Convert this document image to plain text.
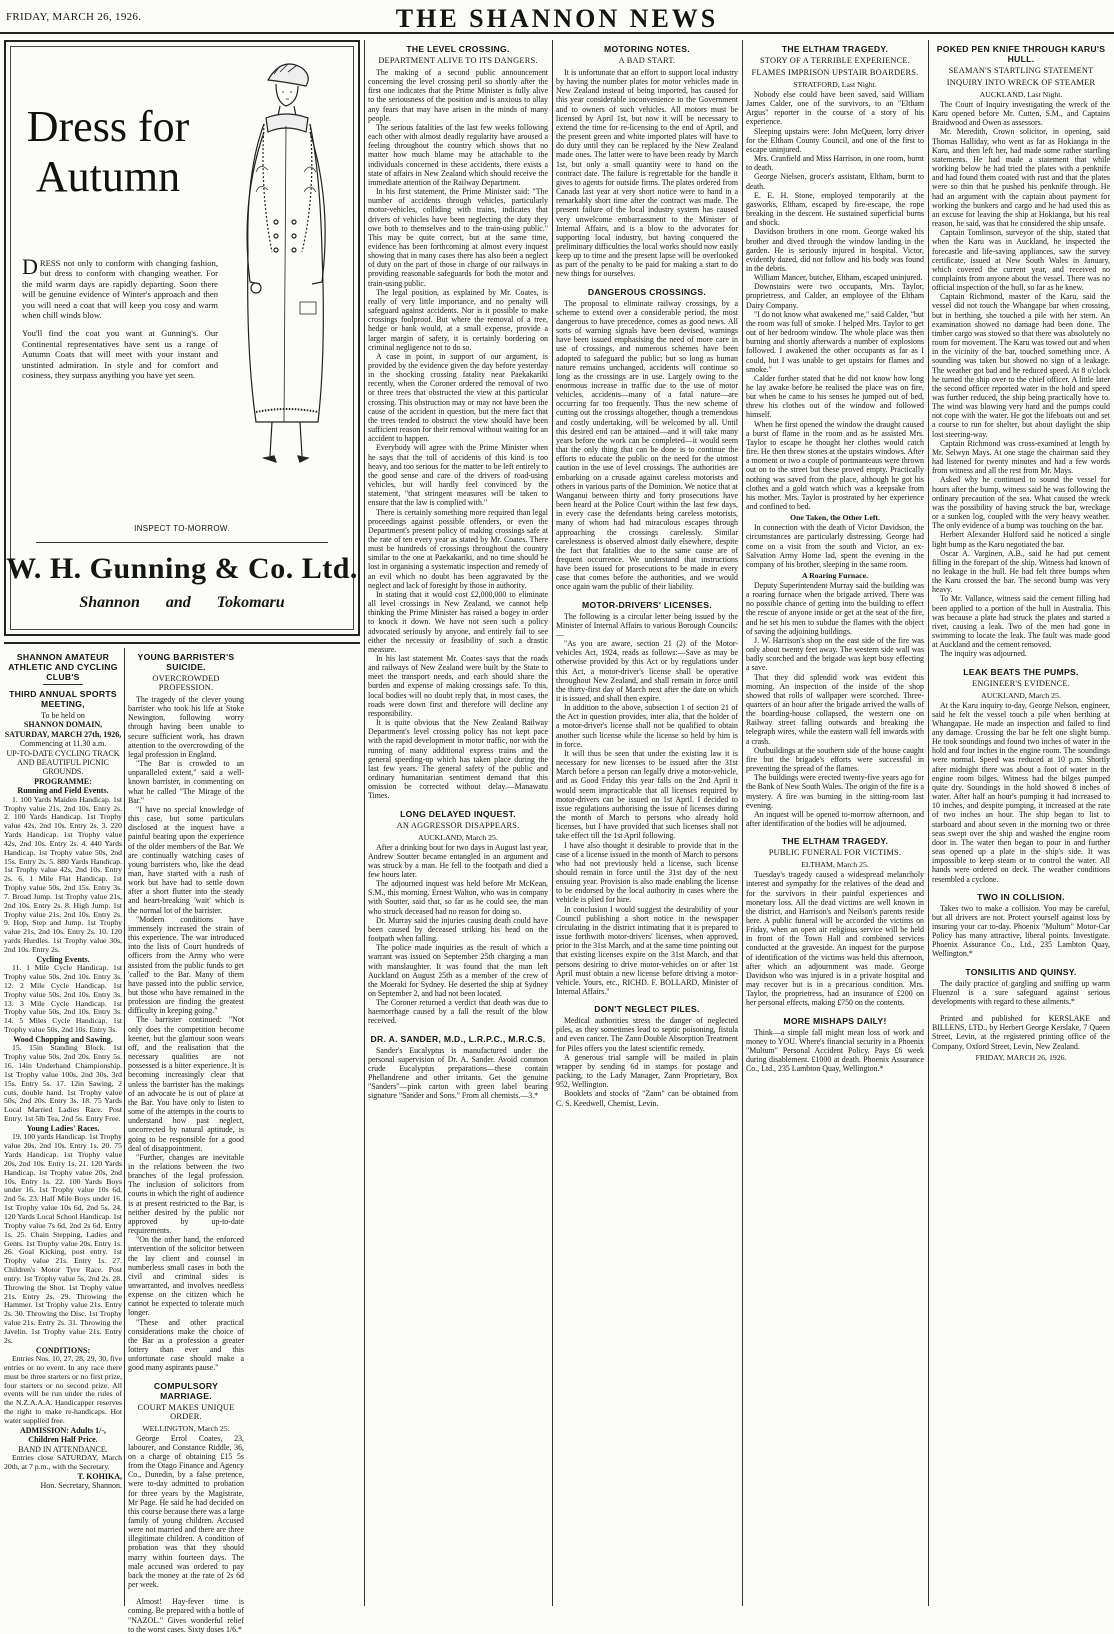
FRIDAY, MARCH 26, 1926.	THE SHANNON NEWS
Dress for
Autumn

DRESS not only to conform with changing fashion, but dress to conform with changing weather. For the mild warm days are rapidly departing. Soon there will be genuine evidence of Winter's approach and then you will need a coat that will keep you cosy and warm when chill winds blow.

You'll find the coat you want at Gunning's. Our Continental representatives have sent us a range of Autumn Coats that will meet with your instant and unstinted admiration. In style and for comfort and cosiness, they surpass anything you have yet seen.

INSPECT TO-MORROW.
W. H. Gunning & Co. Ltd.
Shannon and Tokomaru
SHANNON AMATEUR ATHLETIC AND CYCLING CLUB'S
THIRD ANNUAL SPORTS MEETING,
To be held on
SHANNON DOMAIN,
SATURDAY, MARCH 27th, 1926,
Commencing at 11.30 a.m.
UP-TO-DATE CYCLING TRACK AND BEAUTIFUL PICNIC GROUNDS.
PROGRAMME:
Running and Field Events.
1. 100 Yards Maiden Handicap. 1st Trophy value 21s, 2nd 10s. Entry 2s. 2. 100 Yards Handicap. 1st Trophy value 42s, 2nd 10s. Entry 2s. 3. 220 Yards Handicap. 1st Trophy value 42s, 2nd 10s. Entry 2s. 4. 440 Yards Handicap. 1st Trophy value 50s, 2nd 15s. Entry 2s. 5. 880 Yards Handicap. 1st Trophy value 42s, 2nd 10s. Entry 2s. 6. 1 Mile Flat Handicap. 1st Trophy value 50s, 2nd 15s. Entry 3s. 7. Broad Jump. 1st Trophy value 21s, 2nd 10s. Entry 2s. 8. High Jump. 1st Trophy value 21s, 2nd 10s. Entry 2s. 9. Hop, Step and Jump. 1st Trophy value 21s, 2nd 10s. Entry 2s. 10. 120 yards Hurdles. 1st Trophy value 30s, 2nd 10s. Entry 2s.
Cycling Events.
11. 1 Mile Cycle Handicap. 1st Trophy value 50s, 2nd 10s. Entry 3s. 12. 2 Mile Cycle Handicap. 1st Trophy value 50s, 2nd 10s. Entry 3s. 13. 3 Mile Cycle Handicap. 1st Trophy value 50s, 2nd 10s. Entry 3s. 14. 5 Miles Cycle Handicap. 1st Trophy value 50s, 2nd 10s. Entry 3s.
Wood Chopping and Sawing.
15. 15in Standing Block. 1st Trophy value 50s, 2nd 20s. Entry 5s. 16. 14in Underhand Championship. 1st Trophy value 100s, 2nd 30s, 3rd 15s. Entry 5s. 17. 12in Sawing, 2 cuts, double hand. 1st Trophy value 50s, 2nd 20s. Entry 3s. 18. 75 Yards Local Married Ladies Race. Post Entry. 1st 5lb Tea, 2nd 5s. Entry Free.
Young Ladies' Races.
19. 100 yards Handicap. 1st Trophy value 20s, 2nd 10s. Entry 1s. 20. 75 Yards Handicap. 1st Trophy value 20s, 2nd 10s. Entry 1s. 21. 120 Yards Handicap. 1st Trophy value 20s, 2nd 10s. Entry 1s. 22. 100 Yards Boys under 16. 1st Trophy value 10s 6d, 2nd 5s. 23. Half Mile Boys under 16. 1st Trophy value 10s 6d, 2nd 5s. 24. 120 Yards Local School Handicap. 1st Trophy value 7s 6d, 2nd 2s 6d. Entry 1s. 25. Chain Stepping, Ladies and Gents. 1st Trophy value 20s. Entry 1s. 26. Goal Kicking, post entry. 1st Trophy value 21s. Entry 1s. 27. Children's Motor Tyre Race. Post entry. 1st Trophy value 5s, 2nd 2s. 28. Throwing the Shot. 1st Trophy value 21s. Entry 2s. 29. Throwing the Hammer. 1st Trophy value 21s. Entry 2s. 30. Throwing the Disc. 1st Trophy value 21s. Entry 2s. 31. Throwing the Javelin. 1st Trophy value 21s. Entry 2s.
CONDITIONS:
Entries Nos. 10, 27, 28, 29, 30, five entries or no event. In any race there must be three starters or no first prize, four starters or no second prize. All events will be run under the rules of the N.Z.A.A.A. Handicapper reserves the right to make re-handicaps. Hot water supplied free.
ADMISSION: Adults 1/-, Children Half Price.
BAND IN ATTENDANCE.
Entries close SATURDAY, March 20th, at 7 p.m., with the Secretary.
T. KOHIKA,
Hon. Secretary, Shannon.
YOUNG BARRISTER'S SUICIDE.
OVERCROWDED PROFESSION.

The tragedy of the clever young barrister who took his life at Stoke Newington, following worry through having been unable to secure sufficient work, has drawn attention to the overcrowding of the legal profession in England.

"The Bar is crowded to an unparalleled extent," said a well-known barrister, in commenting on what he called "The Mirage of the Bar."

"I have no special knowledge of this case, but some particulars disclosed at the inquest have a painful bearing upon the experience of the older members of the Bar. We are continually watching cases of young barristers who, like the dead man, have started with a rush of work but have had to settle down after a short flutter into the steady and heart-breaking 'wait' which is the normal lot of the barrister.

"Modern conditions have immensely increased the strain of this experience. The war introduced into the lists of Court hundreds of officers from the Army who were assisted from the public funds to get 'called' to the Bar. Many of them have passed into the public service, but those who have remained in the profession are finding the greatest difficulty in keeping going."

The barrister continued: "Not only does the competition become keener, but the glamour soon wears off, and the realisation that the necessary qualities are not possessed is a bitter experience. It is becoming increasingly clear that unless the barrister has the makings of an advocate he is out of place at the Bar. You have only to listen to some of the attempts in the courts to understand how past neglect, uncorrected by natural aptitude, is going to be responsible for a good deal of disappointment.

"Further, changes are inevitable in the relations between the two branches of the legal profession. The inclusion of solicitors from courts in which the right of audience is at present restricted to the Bar, is neither desired by the public nor approved by up-to-date requirements.

"On the other hand, the enforced intervention of the solicitor between the lay client and counsel in numberless small cases in both the civil and criminal sides is unwarranted, and involves needless expense on the citizen which he cannot be expected to tolerate much longer.

"These and other practical considerations make the choice of the Bar as a profession a greater lottery than ever and this unfortunate case should make a good many aspirants pause."

COMPULSORY MARRIAGE.
COURT MAKES UNIQUE ORDER.
WELLINGTON, March 25.

George Errol Coates, 23, labourer, and Constance Riddle, 36, on a charge of obtaining £15 5s from the Otago Finance and Agency Co., Dunedin, by a false pretence, were to-day admitted to probation for three years by the Magistrate, Mr Page. He said he had decided on this course because there was a large family of young children. Accused were not married and there are three illegitimate children. A condition of probation was that they should marry within fourteen days. The male accused was ordered to pay back the money at the rate of 2s 6d per week.

Almost! Hay-fever time is coming. Be prepared with a bottle of "NAZOL." Gives wonderful relief to the worst cases. Sixty doses 1/6.*

THE LEVEL CROSSING.
DEPARTMENT ALIVE TO ITS DANGERS.

The making of a second public announcement concerning the level crossing peril so shortly after the first one indicates that the Prime Minister is fully alive to the seriousness of the position and is anxious to allay any fears that may have arisen in the minds of many people.

The serious fatalities of the last few weeks following each other with almost deadly regularity have aroused a feeling throughout the country which shows that no matter how much blame may be attachable to the individuals concerned in these accidents, there exists a state of affairs in New Zealand which should receive the immediate attention of the Railway Department.

In his first statement, the Prime Minister said: "The number of accidents through vehicles, particularly motor-vehicles, colliding with trains, indicates that drivers of vehicles have been neglecting the duty they owe both to themselves and to the train-using public." This may be quite correct, but at the same time, evidence has been forthcoming at almost every inquest showing that in many cases there has also been a neglect of duty on the part of those in charge of our railways in providing reasonable safeguards for both the motor and train-using public.

The legal position, as explained by Mr. Coates, is really of very little importance, and no penalty will safeguard against accidents. Nor is it possible to make crossings foolproof. But where the removal of a tree, hedge or bank would, at a small expense, provide a larger margin of safety, it is certainly bordering on criminal negligence not to do so.

A case in point, in support of our argument, is provided by the evidence given the day before yesterday in the shocking crossing fatality near Paekakariki recently, when the Coroner ordered the removal of two or three trees that obstructed the view at this particular crossing. This obstruction may or may not have been the cause of the accident in question, but the mere fact that the trees tended to obstruct the view should have been sufficient reason for their removal without waiting for an accident to happen.

Everybody will agree with the Prime Minister when he says that the toll of accidents of this kind is too heavy, and too serious for the matter to be left entirely to the good sense and care of the drivers of road-using vehicles, but will hardly feel convinced by the statement, "that stringent measures will be taken to ensure that the law is complied with."

There is certainly something more required than legal proceedings against possible offenders, or even the Department's present policy of making crossings safe at the rate of ten every year as stated by Mr. Coates. There must be hundreds of crossings throughout the country similar to the one at Paekakariki, and no time should be lost in organising a systematic inspection and remedy of an evil which no doubt has been aggravated by the neglect and lack of foresight by those in authority.

In stating that it would cost £2,000,000 to eliminate all level crossings in New Zealand, we cannot help thinking the Prime Minister has raised a bogey in order to knock it down. We have not seen such a policy advocated seriously by anyone, and entirely fail to see either the necessity or feasibility of such a drastic measure.

In his last statement Mr. Coates says that the roads and railways of New Zealand were built by the State to meet the transport needs, and each should share the burden and expense of making crossings safe. To this, local bodies will no doubt reply that, in most cases, the roads were down first and therefore will decline any responsibility.

It is quite obvious that the New Zealand Railway Department's level crossing policy has not kept pace with the rapid development in motor traffic, nor with the running of many additional express trains and the general speeding-up which has taken place during the last few years. The general safety of the public and ordinary humanitarian sentiment demand that this omission be corrected without delay.—Manawatu Times.

LONG DELAYED INQUEST.
AN AGGRESSOR DISAPPEARS.
AUCKLAND, March 25.

After a drinking bout for two days in August last year, Andrew Soutter became entangled in an argument and was struck by a man. He fell to the footpath and died a few hours later.

The adjourned inquest was held before Mr McKean, S.M., this morning. Ernest Walton, who was in company with Soutter, said that, so far as he could see, the man who struck deceased had no reason for doing so.

Dr. Murray said the injuries causing death could have been caused by deceased striking his head on the footpath when falling.

The police made inquiries as the result of which a warrant was issued on September 25th charging a man with manslaughter. It was found that the man left Auckland on August 25th as a member of the crew of the Moeraki for Sydney. He deserted the ship at Sydney on September 2, and had not been located.

The Coroner returned a verdict that death was due to haemorrhage caused by a fall the result of the blow received.

DR. A. SANDER, M.D., L.R.P.C., M.R.C.S.

Sander's Eucalyptus is manufactured under the personal supervision of Dr. A. Sander. Avoid common crude Eucalyptus preparations—these contain Phellandrene and other irritants. Get the genuine "Sanders"—pink carton with green label bearing signature "Sander and Sons." From all chemists.—3.*

MOTORING NOTES.
A BAD START.

It is unfortunate that an effort to support local industry by having the number plates for motor vehicles made in New Zealand instead of being imported, has caused for this year considerable inconvenience to the Government and to owners of such vehicles. All motors must be licensed by April 1st, but now it will be necessary to extend the time for re-licensing to the end of April, and the present green and white imported plates will have to do duty until they can be replaced by the New Zealand made ones. The latter were to have been ready by March 1st, but only a small quantity were to hand on the contract date. The failure is regrettable for the handle it gives to agents for outside firms. The plates ordered from Canada last year at very short notice were to hand in a remarkably short time after the contract was made. The present failure of the local industry system has caused very unwelcome embarrassment to the Minister of Internal Affairs, and is a blow to the advocates for supporting local industry, but having conquered the preliminary difficulties the local works should now easily keep up to time and the present lapse will be overlooked as part of the penalty to be paid for making a start to do new things for ourselves.

DANGEROUS CROSSINGS.

The proposal to eliminate railway crossings, by a scheme to extend over a considerable period, the most dangerous to have precedence, comes as good news. All sorts of warning signals have been devised, warnings have been issued emphasising the need of more care in use of crossings, and numerous schemes have been adopted to safeguard the public; but so long as human nature remains unchanged, accidents will continue so long as the crossings are in use. Largely owing to the enormous increase in traffic due to the use of motor vehicles, accidents—many of a fatal nature—are occurring far too frequently. Thus the new scheme of cutting out the crossings altogether, though a tremendous and costly undertaking, will be welcomed by all. Until this desired end can be attained—and it will take many years before the work can be completed—it would seem that the only thing that can be done is to continue the efforts to educate the public on the need for the utmost caution in the use of level crossings. The authorities are embarking on a crusade against careless motorists and others in various parts of the Dominion. We notice that at Wanganui between thirty and forty prosecutions have been heard at the Police Court within the last few days, in every case the defendants being careless motorists, many of whom had had miraculous escapes through approaching the crossings carelessly. Similar carelessness is observed almost daily elsewhere, despite the fact that fatalities due to the same cause are of frequent occurrence. We understand that instructions have been issued for prosecutions to be made in every case that comes before the authorities, and we would once again warn the public of their liability.

MOTOR-DRIVERS' LICENSES.

The following is a circular letter being issued by the Minister of Internal Affairs to various Borough Councils:—

"As you are aware, section 21 (2) of the Motor-vehicles Act, 1924, reads as follows:—Save as may be otherwise provided by this Act or by regulations under this Act, a motor-driver's license shall be operative throughout New Zealand, and shall remain in force until the thirty-first day of March next after the date on which it is issued, and shall then expire.

In addition to the above, subsection 1 of section 21 of the Act in question provides, inter alia, that the holder of a motor-driver's license shall not be qualified to obtain another such license while the license so held by him is in force.

It will thus be seen that under the existing law it is necessary for new licenses to be issued after the 31st March before a person can legally drive a motor-vehicle, and as Good Friday this year falls on the 2nd April it would seem impracticable that all licenses required by motor-drivers can be issued on 1st April. I decided to issue regulations authorising the issue of licenses during the month of March to persons who already hold licenses, but I have provided that such licenses shall not take effect till the 1st April following.

I have also thought it desirable to provide that in the case of a license issued in the month of March to persons who had not previously held a license, such license should remain in force until the 31st day of the next ensuing year. Provision is also made enabling the license to be endorsed by the local authority in cases where the vehicle is plied for hire.

In conclusion I would suggest the desirability of your Council publishing a short notice in the newspaper circulating in the district intimating that it is prepared to issue forthwith motor-drivers' licenses, when approved, prior to the 31st March, and at the same time pointing out that existing licenses expire on the 31st March, and that persons desiring to drive motor-vehicles on or after 1st April must obtain a new license before driving a motor-vehicle. Yours, etc., RICHD. F. BOLLARD, Minister of Internal Affairs."

DON'T NEGLECT PILES.

Medical authorities stress the danger of neglected piles, as they sometimes lead to septic poisoning, fistula and even cancer. The Zann Double Absorption Treatment for Piles offers you the latest scientific remedy.

A generous trial sample will be mailed in plain wrapper by sending 6d in stamps for postage and packing, to the Lady Manager, Zann Proprietary, Box 952, Wellington.

Booklets and stocks of "Zann" can be obtained from C. S. Keedwell, Chemist, Levin.

THE ELTHAM TRAGEDY.
STORY OF A TERRIBLE EXPERIENCE.
FLAMES IMPRISON UPSTAIR BOARDERS.
STRATFORD, Last Night.

Nobody else could have been saved, said William James Calder, one of the survivors, to an "Eltham Argus" reporter in the course of a story of his experience.

Sleeping upstairs were: John McQueen, lorry driver for the Eltham County Council, and one of the first to escape uninjured.

Mrs. Cranfield and Miss Harrison, in one room, burnt to death.

George Nielsen, grocer's assistant, Eltham, burnt to death.

E. E. H. Stone, employed temporarily at the gasworks, Eltham, escaped by fire-escape, the rope breaking in the descent. He sustained superficial burns and shock.

Davidson brothers in one room. George waked his brother and dived through the window landing in the garden. He is seriously injured in hospital. Victor, evidently dazed, did not follow and his body was found in the debris.

William Mancer, butcher, Eltham, escaped uninjured.

Downstairs were two occupants, Mrs. Taylor, proprietress, and Calder, an employee of the Eltham Dairy Company.

"I do not know what awakened me," said Calder, "but the room was full of smoke. I helped Mrs. Taylor to get out of her bedroom window. The whole place was then burning and shortly afterwards a number of explosions followed. I awakened the other occupants as far as I could, but I was unable to get upstairs for flames and smoke."

Calder further stated that he did not know how long he lay awake before he realised the place was on fire, but when he came to his senses he jumped out of bed, threw his clothes out of the window and followed himself.

When he first opened the window the draught caused a burst of flame in the room and as he assisted Mrs. Taylor to escape he thought her clothes would catch fire. He then threw stones at the upstairs windows. After a moment or two a couple of portmanteaus were thrown out on to the street but these proved empty. Practically nothing was saved from the place, although he got his clothes and a gold watch which was a keepsake from his mother. Mrs. Taylor is prostrated by her experience and confined to bed.

One Taken, the Other Left.

In connection with the death of Victor Davidson, the circumstances are particularly distressing. George had come on a visit from the south and Victor, an ex-Salvation Army Home lad, spent the evening in the company of his brother, sleeping in the same room.

A Roaring Furnace.

Deputy Superintendent Murray said the building was a roaring furnace when the brigade arrived. There was no possible chance of getting into the building to effect the rescue of anyone inside or get at the seat of the fire, and he set his men to subdue the flames with the object of saving the adjoining buildings.

J. W. Harrison's shop on the east side of the fire was only about twenty feet away. The western side wall was badly scorched and the brigade was kept busy effecting a save.

That they did splendid work was evident this morning. An inspection of the inside of the shop showed that rolls of wallpaper were scorched. Three-quarters of an hour after the brigade arrived the walls of the boarding-house collapsed, the western one on Railway street falling outwards and breaking the telegraph wires, while the eastern wall fell inwards with a crash.

Outbuildings at the southern side of the house caught fire but the brigade's efforts were successful in preventing the spread of the flames.

The buildings were erected twenty-five years ago for the Bank of New South Wales. The origin of the fire is a mystery. A fire was burning in the sitting-room last evening.

An inquest will be opened to-morrow afternoon, and after identification of the bodies will be adjourned.

THE ELTHAM TRAGEDY.
PUBLIC FUNERAL FOR VICTIMS.
ELTHAM, March 25.

Tuesday's tragedy caused a widespread melancholy interest and sympathy for the relatives of the dead and for the survivors in their painful experiences and monetary loss. All the dead victims are well known in the district, and Harrison's and Neilson's parents reside here. A public funeral will be accorded the victims on Friday, when an open air religious service will be held in front of the Town Hall and combined services conducted at the graveside. An inquest for the purpose of identification of the victims was held this afternoon, after which an adjournment was made. George Davidson who was injured is in a private hospital and may recover but is in a precarious condition. Mrs. Taylor, the proprietress, had an insurance of £200 on her personal effects, making £750 on the contents.

MORE MISHAPS DAILY!

Think—a simple fall might mean loss of work and money to YOU. Where's financial security in a Phoenix "Multum" Personal Accident Policy. Pays £6 week during disablement. £1000 at death. Phoenix Assurance Co., Ltd., 235 Lambton Quay, Wellington.*

POKED PEN KNIFE THROUGH KARU'S HULL.
SEAMAN'S STARTLING STATEMENT
INQUIRY INTO WRECK OF STEAMER
AUCKLAND, Last Night.

The Court of Inquiry investigating the wreck of the Karu opened before Mr. Cutten, S.M., and Captains Braidwood and Owen as assessors.

Mr. Meredith, Crown solicitor, in opening, said Thomas Halliday, who went as far as Hokianga in the Karu, and then left her, had made some rather startling statements. He had made a statement that while working below he had tried the plates with a penknife and had found them coated with rust and that the plates were so thin that he pushed his penknife through. He had an argument with the captain about payment for working the bunkers and cargo and he had used this as an excuse for leaving the ship at Hokianga, but his real reason, he said, was that he considered the ship unsafe.

Captain Tomlinson, surveyor of the ship, stated that when the Karu was in Auckland, he inspected the forecastle and life-saving appliances, saw the survey certificate, issued at New South Wales in January, which covered the current year, and received no complaints from anyone about the vessel. There was no official inspection of the hull, so far as he knew.

Captain Richmond, master of the Karu, said the vessel did not touch the Whangape bar when crossing, but in berthing, she touched a pile with her stern. An examination showed no damage had been done. The timber cargo was stowed so that there was absolutely no room for movement. The Karu was towed out and when in the vicinity of the bar, touched something once. A sounding was taken but showed no sign of a leakage. The weather got bad and he reduced speed. At 8 o'clock he turned the ship over to the chief officer. A little later the second officer reported water in the hold and speed was further reduced, the ship being practically hove to. The wind was blowing very hard and the pumps could not cope with the water. He got the lifeboats out and set a course to run for shelter, but about daylight the ship lost steering-way.

Captain Richmond was cross-examined at length by Mr. Selwyn Mays. At one stage the chairman said they had listened for twenty minutes and had a few words from witness and all the rest from Mr. Mays.

Asked why he continued to sound the vessel for hours after the bump, witness said he was following the ordinary precaution of the sea. What caused the wreck was the possibility of having struck the bar, wreckage or a sunken log, coupled with the very heavy weather. The only evidence of a bump was touching on the bar.

Herbert Alexander Hulford said he noticed a single light bump as the Karu negotiated the bar.

Oscar A. Varginen, A.B., said he had put cement filling in the forepart of the ship. Witness had known of no leakage in the hull. He had felt three bumps when the Karu crossed the bar. The second bump was very heavy.

To Mr. Vallance, witness said the cement filling had been applied to a portion of the hull in Australia. This was because a plate had struck the plates and started a rivet, causing a leak. Two of the men had gone in swimming to locate the leak. The fault was made good at Auckland and the cement removed.

The inquiry was adjourned.

LEAK BEATS THE PUMPS.
ENGINEER'S EVIDENCE.
AUCKLAND, March 25.

At the Karu inquiry to-day, George Nelson, engineer, said he felt the vessel touch a pile when berthing at Whangapae. He made an inspection and failed to find any damage. Crossing the bar he felt one slight bump. He took soundings and found two inches of water in the hold and four inches in the engine room. The soundings were normal. Speed was reduced at 10 p.m. Shortly after midnight there was about a foot of water in the engine room bilges. Witness had the bilges pumped quite dry. Soundings in the hold showed 8 inches of water. After half an hour's pumping it had increased to 10 inches, and despite pumping, it increased at the rate of two inches an hour. The ship began to list to starboard and about seven in the morning two or three seas swept over the ship and washed the engine room door in. The water then began to pour in and further seas opened up a plate in the ship's side. It was impossible to keep steam or to control the water. All hands were ordered on deck. The weather conditions resembled a cyclone.

TWO IN COLLISION.

Takes two to make a collision. You may be careful, but all drivers are not. Protect yourself against loss by insuring your car to-day. Phoenix "Multum" Motor-Car Policy has many attractive, liberal points. Investigate. Phoenix Assurance Co., Ltd., 235 Lambton Quay, Wellington.*

TONSILITIS AND QUINSY.

The daily practice of gargling and sniffing up warm Fluenzol is a sure safeguard against serious developments with regard to these ailments.*

Printed and published for KERSLAKE and BILLENS, LTD., by Herbert George Kerslake, 7 Queen Street, Levin, at the registered printing office of the Company, Oxford Street, Levin, New Zealand.

FRIDAY, MARCH 26, 1926.
